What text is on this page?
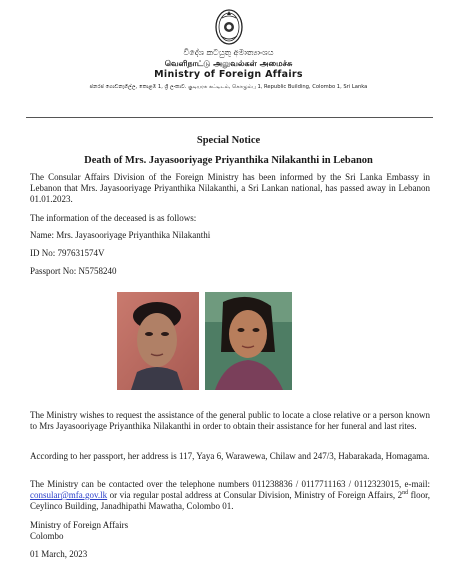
විදේශ කටයුතු අමාත්‍යාංශය
வெளிநாட்டு அலுவல்கள் அமைச்சு
Ministry of Foreign Affairs
ජනරජ ගොඩනැගිල්ල, කොළඹ 1, ශ්‍රී ලංකාව. குடியரசு கட்டிடம், கொழும்பு 1, Republic Building, Colombo 1, Sri Lanka
Special Notice
Death of Mrs. Jayasooriyage Priyanthika Nilakanthi in Lebanon

The Consular Affairs Division of the Foreign Ministry has been informed by the Sri Lanka Embassy in Lebanon that Mrs. Jayasooriyage Priyanthika Nilakanthi, a Sri Lankan national, has passed away in Lebanon 01.01.2023.

The information of the deceased is as follows:

Name: Mrs. Jayasooriyage Priyanthika Nilakanthi

ID No: 797631574V

Passport No: N5758240

The Ministry wishes to request the assistance of the general public to locate a close relative or a person known to Mrs Jayasooriyage Priyanthika Nilakanthi in order to obtain their assistance for her funeral and last rites.

According to her passport, her address is 117, Yaya 6, Warawewa, Chilaw and 247/3, Habarakada, Homagama.

The Ministry can be contacted over the telephone numbers 011238836 / 0117711163 / 0112323015, e-mail: consular@mfa.gov.lk or via regular postal address at Consular Division, Ministry of Foreign Affairs, 2nd floor, Ceylinco Building, Janadhipathi Mawatha, Colombo 01.

Ministry of Foreign Affairs
Colombo

01 March, 2023
